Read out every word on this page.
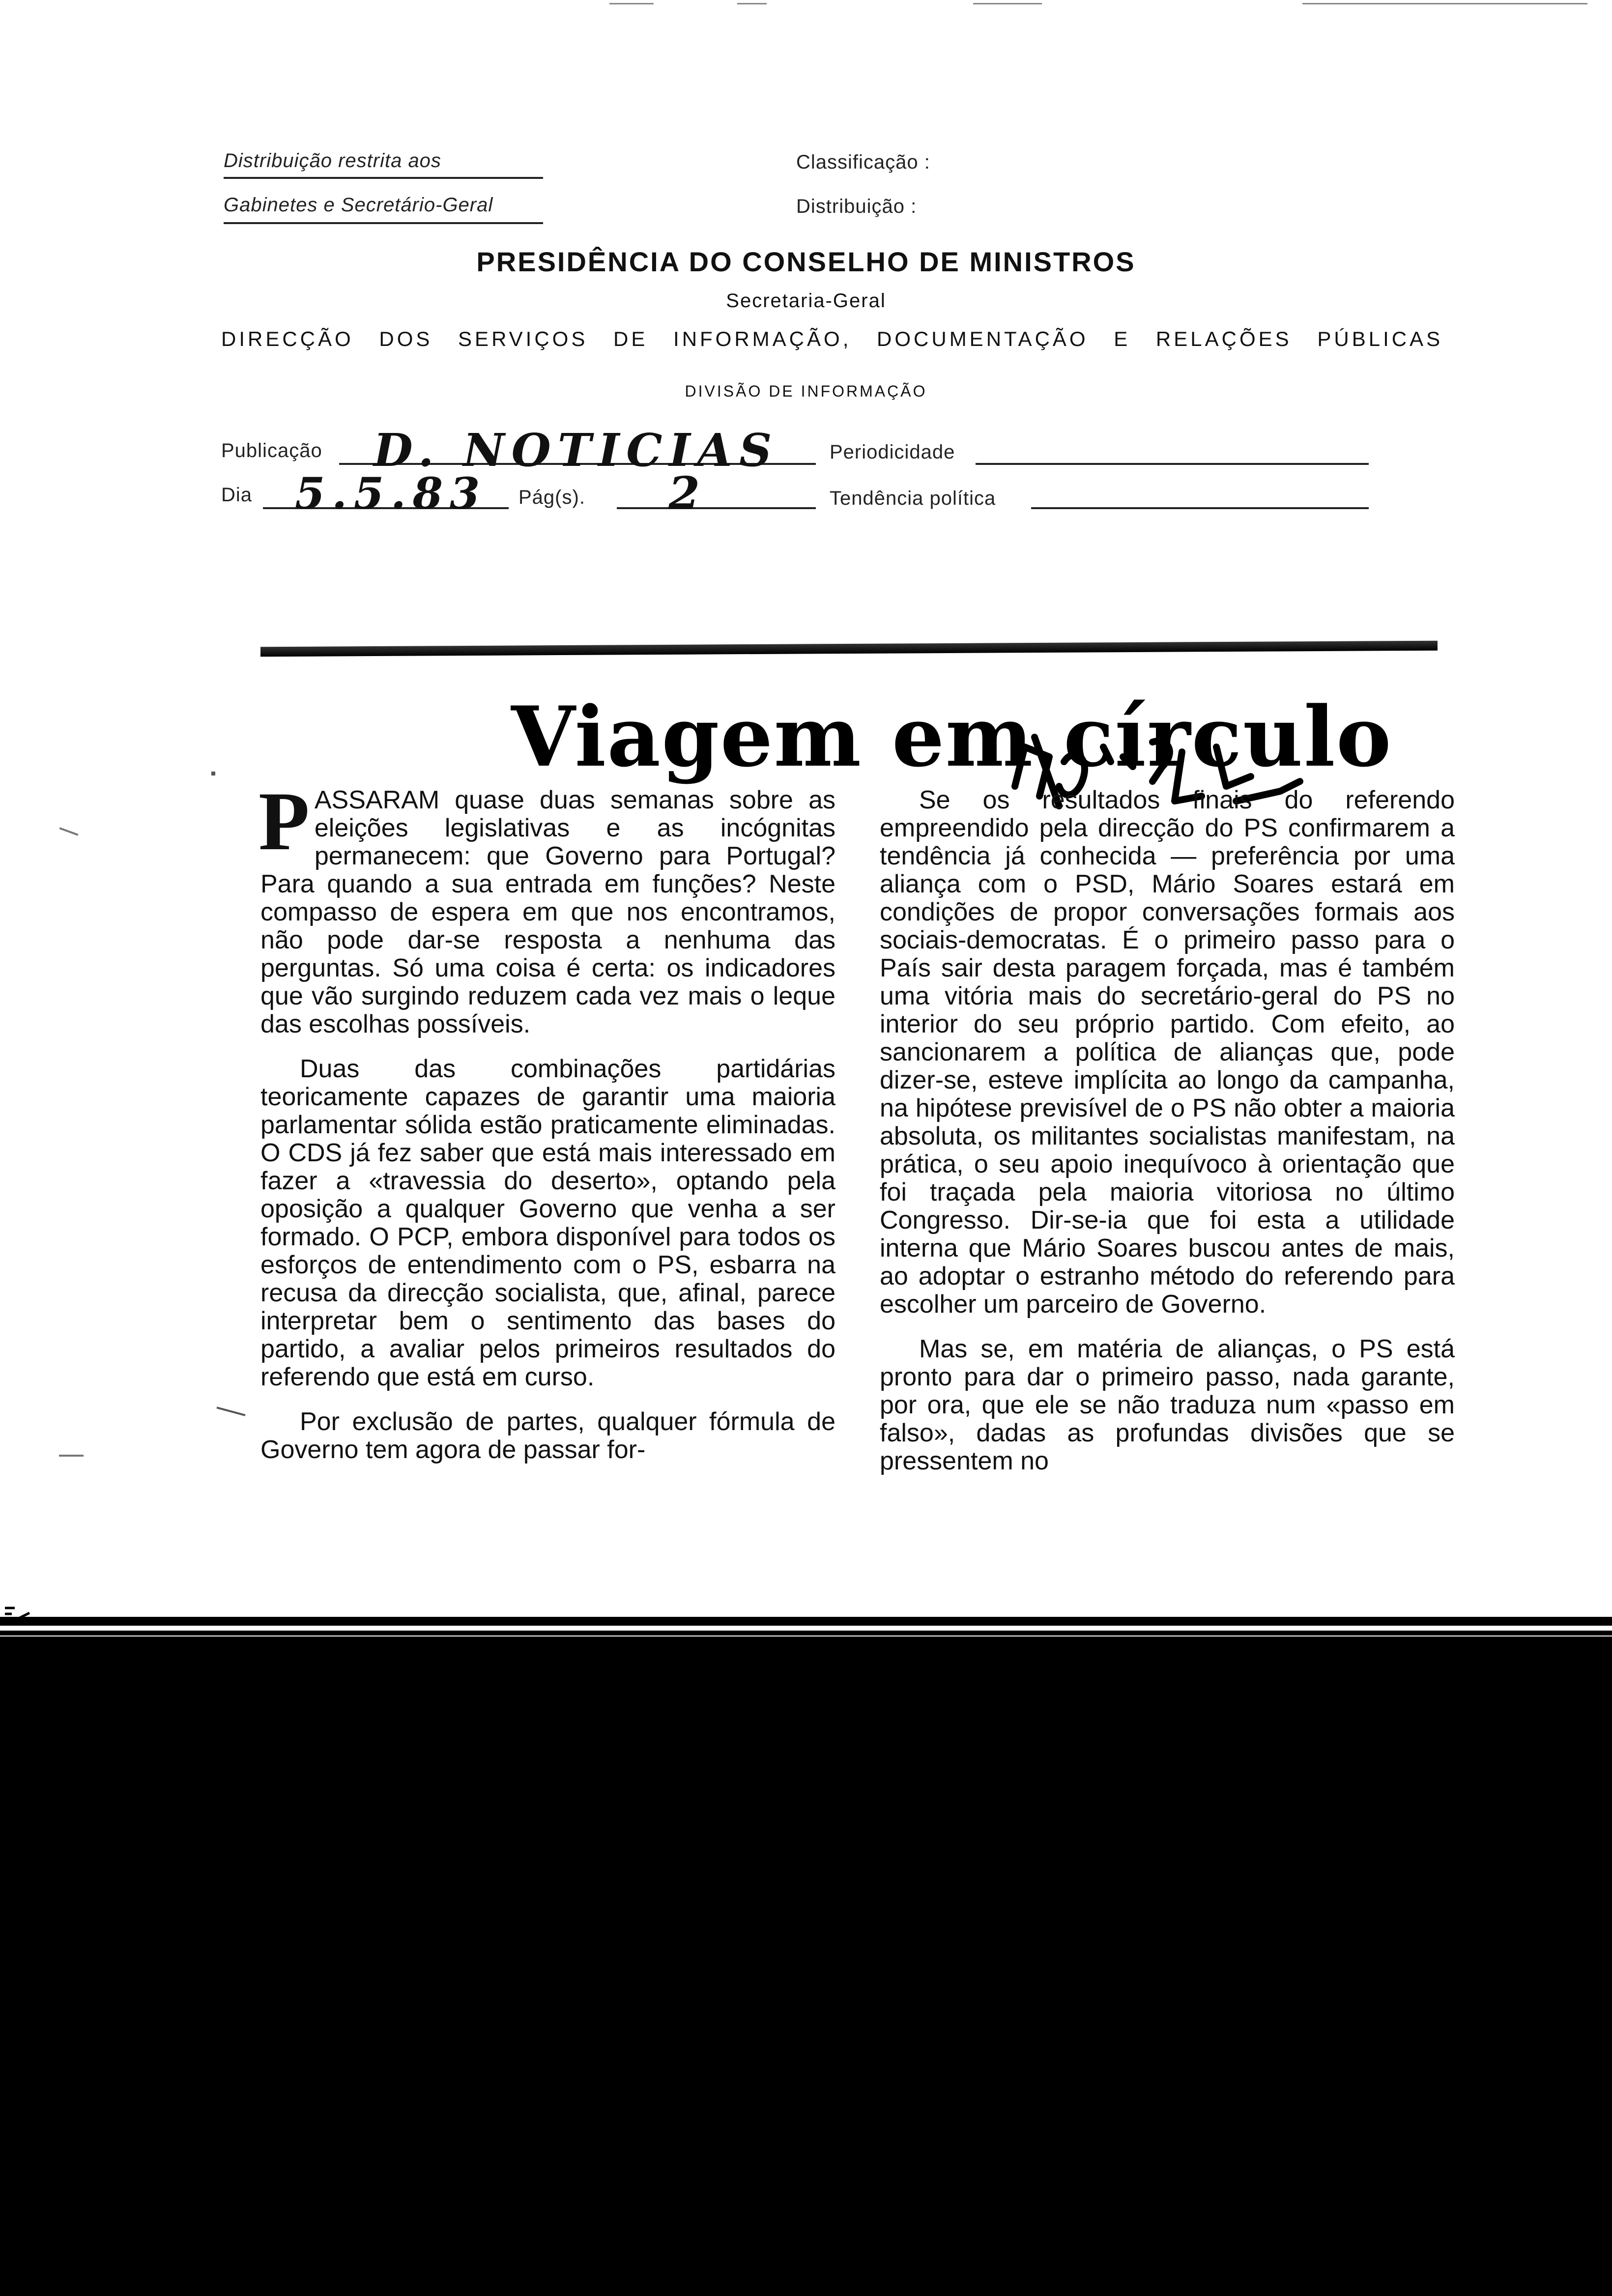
Distribuição restrita aos
Gabinetes e Secretário-Geral
Classificação :
Distribuição :
PRESIDÊNCIA DO CONSELHO DE MINISTROS
Secretaria-Geral
DIRECÇÃO DOS SERVIÇOS DE INFORMAÇÃO, DOCUMENTAÇÃO E RELAÇÕES PÚBLICAS
DIVISÃO DE INFORMAÇÃO
Publicação D. NOTICIAS	Periodicidade
Dia 5.5.83 Pág(s). 2	Tendência política
Viagem em círculo

PASSARAM quase duas semanas sobre as eleições legislativas e as incógnitas permanecem: que Governo para Portugal? Para quando a sua entrada em funções? Neste compasso de espera em que nos encontramos, não pode dar-se resposta a nenhuma das perguntas. Só uma coisa é certa: os indicadores que vão surgindo reduzem cada vez mais o leque das escolhas possíveis.

Duas das combinações partidárias teoricamente capazes de garantir uma maioria parlamentar sólida estão praticamente eliminadas. O CDS já fez saber que está mais interessado em fazer a «travessia do deserto», optando pela oposição a qualquer Governo que venha a ser formado. O PCP, embora disponível para todos os esforços de entendimento com o PS, esbarra na recusa da direcção socialista, que, afinal, parece interpretar bem o sentimento das bases do partido, a avaliar pelos primeiros resultados do referendo que está em curso.

Por exclusão de partes, qualquer fórmula de Governo tem agora de passar for-

Se os resultados finais do referendo empreendido pela direcção do PS confirmarem a tendência já conhecida — preferência por uma aliança com o PSD, Mário Soares estará em condições de propor conversações formais aos sociais-democratas. É o primeiro passo para o País sair desta paragem forçada, mas é também uma vitória mais do secretário-geral do PS no interior do seu próprio partido. Com efeito, ao sancionarem a política de alianças que, pode dizer-se, esteve implícita ao longo da campanha, na hipótese previsível de o PS não obter a maioria absoluta, os militantes socialistas manifestam, na prática, o seu apoio inequívoco à orientação que foi traçada pela maioria vitoriosa no último Congresso. Dir-se-ia que foi esta a utilidade interna que Mário Soares buscou antes de mais, ao adoptar o estranho método do referendo para escolher um parceiro de Governo.

Mas se, em matéria de alianças, o PS está pronto para dar o primeiro passo, nada garante, por ora, que ele se não traduza num «passo em falso», dadas as profundas divisões que se pressentem no
